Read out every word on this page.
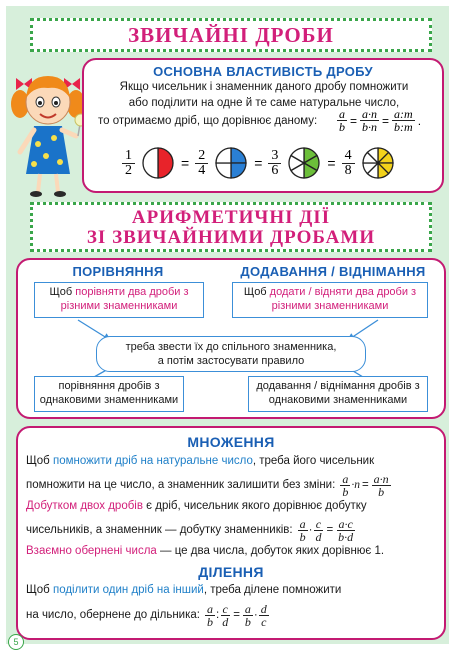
ЗВИЧАЙНІ ДРОБИ
ОСНОВНА ВЛАСТИВІСТЬ ДРОБУ
Якщо чисельник і знаменник даного дробу помножити
або поділити на одне й те саме натуральне число,
то отримаємо дріб, що дорівнює даному: $\frac{a}{b} = \frac{a\cdot n}{b\cdot n} = \frac{a:m}{b:m}$ .
$\frac{1}{2}$	= $\frac{2}{4}$	= $\frac{3}{6}$	= $\frac{4}{8}$
АРИФМЕТИЧНІ ДІЇ
ЗІ ЗВИЧАЙНИМИ ДРОБАМИ
ПОРІВНЯННЯ	ДОДАВАННЯ / ВІДНІМАННЯ
Щоб порівняти два дроби з різними знаменниками
Щоб додати / відняти два дроби з різними знаменниками
треба звести їх до спільного знаменника,
а потім застосувати правило
порівняння дробів з однаковими знаменниками
додавання / віднімання дробів з однаковими знаменниками
МНОЖЕННЯ
Щоб помножити дріб на натуральне число, треба його чисельник
помножити на це число, а знаменник залишити без зміни: $\frac{a}{b} \cdot n = \frac{a\cdot n}{b}$
Добутком двох дробів є дріб, чисельник якого дорівнює добутку
чисельників, а знаменник — добутку знаменників: $\frac{a}{b} \cdot \frac{c}{d} = \frac{a\cdot c}{b\cdot d}$
Взаємно обернені числа — це два числа, добуток яких дорівнює 1.
ДІЛЕННЯ
Щоб поділити один дріб на інший, треба ділене помножити
на число, обернене до дільника: $\frac{a}{b}$ : $\frac{c}{d} = \frac{a}{b} \cdot \frac{d}{c}$
5
